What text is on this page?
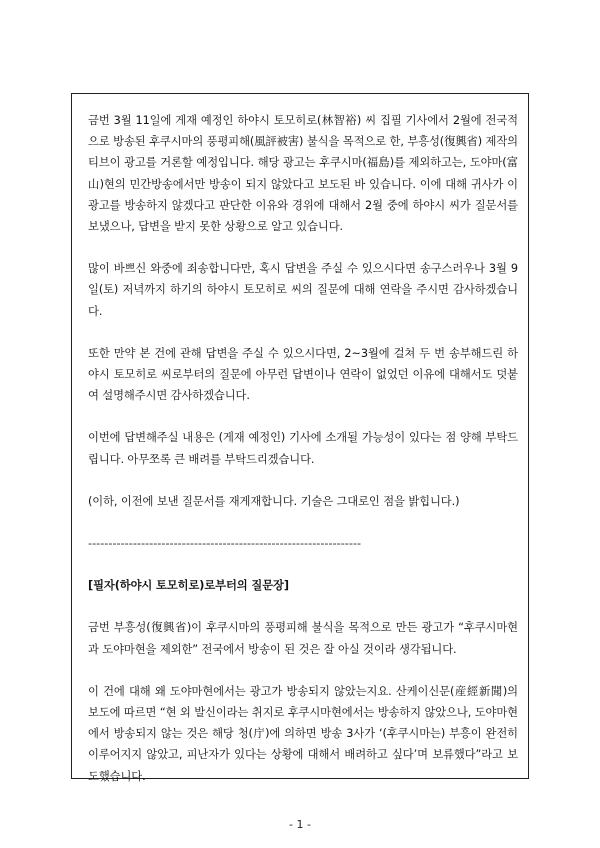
금번 3월 11일에 게재 예정인 하야시 토모히로(林智裕) 씨 집필 기사에서 2월에 전국적으로 방송된 후쿠시마의 풍평피해(風評被害) 불식을 목적으로 한, 부흥성(復興省) 제작의 티브이 광고를 거론할 예정입니다. 해당 광고는 후쿠시마(福島)를 제외하고는, 도야마(富山)현의 민간방송에서만 방송이 되지 않았다고 보도된 바 있습니다. 이에 대해 귀사가 이 광고를 방송하지 않겠다고 판단한 이유와 경위에 대해서 2월 중에 하야시 씨가 질문서를 보냈으나, 답변을 받지 못한 상황으로 알고 있습니다.

많이 바쁘신 와중에 죄송합니다만, 혹시 답변을 주실 수 있으시다면 송구스러우나 3월 9일(토) 저녁까지 하기의 하야시 토모히로 씨의 질문에 대해 연락을 주시면 감사하겠습니다.

또한 만약 본 건에 관해 답변을 주실 수 있으시다면, 2~3월에 걸쳐 두 번 송부해드린 하야시 토모히로 씨로부터의 질문에 아무런 답변이나 연락이 없었던 이유에 대해서도 덧붙여 설명해주시면 감사하겠습니다.

이번에 답변해주실 내용은 (게재 예정인) 기사에 소개될 가능성이 있다는 점 양해 부탁드립니다. 아무쪼록 큰 배려를 부탁드리겠습니다.

(이하, 이전에 보낸 질문서를 재게재합니다. 기술은 그대로인 점을 밝힙니다.)

-------------------------------------------------------------------

[필자(하야시 토모히로)로부터의 질문장]

금번 부흥성(復興省)이 후쿠시마의 풍평피해 불식을 목적으로 만든 광고가 “후쿠시마현과 도야마현을 제외한” 전국에서 방송이 된 것은 잘 아실 것이라 생각됩니다.

이 건에 대해 왜 도야마현에서는 광고가 방송되지 않았는지요. 산케이신문(産經新聞)의 보도에 따르면 “현 외 발신이라는 취지로 후쿠시마현에서는 방송하지 않았으나, 도야마현에서 방송되지 않는 것은 해당 청(庁)에 의하면 방송 3사가 ‘(후쿠시마는) 부흥이 완전히 이루어지지 않았고, 피난자가 있다는 상황에 대해서 배려하고 싶다’며 보류했다”라고 보도했습니다.

- 1 -
